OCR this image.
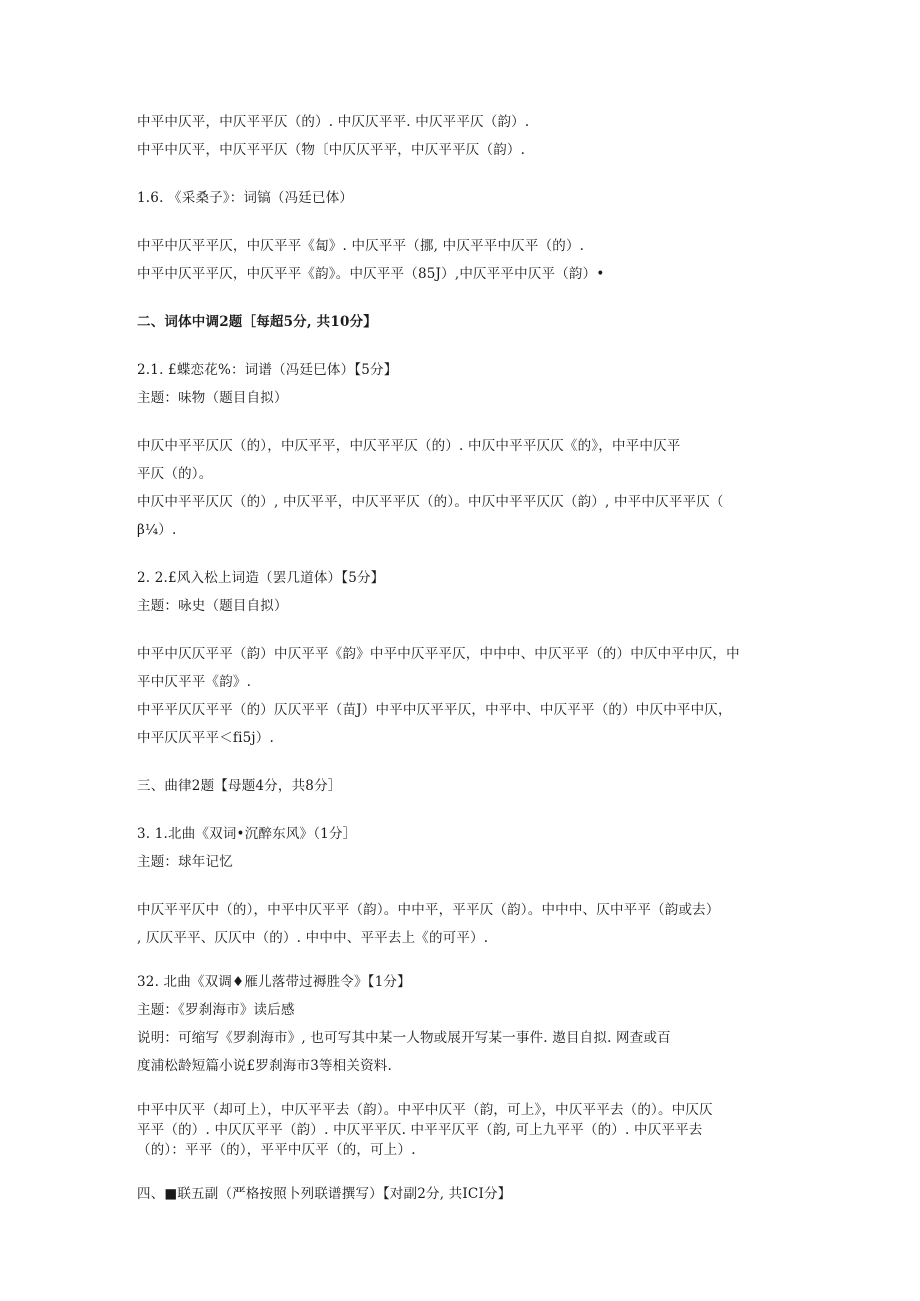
中平中仄平，中仄平平仄（的）. 中仄仄平平. 中仄平平仄（韵）.
中平中仄平，中仄平平仄（物〔中仄仄平平，中仄平平仄（韵）.
1.6. 《采桑子》：词镐（冯廷已体）
中平中仄平平仄，中仄平平《匐》. 中仄平平（挪, 中仄平平中仄平（的）.
中平中仄平平仄，中仄平平《韵》。中仄平平（85J）,中仄平平中仄平（韵）•
二、词体中调2题［每超5分, 共10分】
2.1. £蝶恋花%：词谱（冯廷巳体）【5分】
主题：味物（题目自拟）
中仄中平平仄仄（的），中仄平平，中仄平平仄（的）. 中仄中平平仄仄《的》，中平中仄平
平仄（的）。
中仄中平平仄仄（的）, 中仄平平，中仄平平仄（的）。中仄中平平仄仄（韵）, 中平中仄平平仄（
β¼）.
2. 2.£风入松上词造（罢几道体）【5分】
主题：咏史（题目自拟）
中平中仄仄平平（韵）中仄平平《韵》中平中仄平平仄，中中中、中仄平平（的）中仄中平中仄，中
平中仄平平《韵》.
中平平仄仄平平（的）仄仄平平（苗J）中平中仄平平仄，中平中、中仄平平（的）中仄中平中仄，
中平仄仄平平＜fi5j）.
三、曲律2题【母题4分，共8分］
3. 1.北曲《双词•沉醉东风》（1分］
主题：球年记忆
中仄平平仄中（的），中平中仄平平（韵）。中中平，平平仄（韵）。中中中、仄中平平（韵或去）
, 仄仄平平、仄仄中（的）. 中中中、平平去上《的可平）.
32. 北曲《双调♦雁儿落带过褥胜令》【1分】
主题：《罗刹海市》读后感
说明：可缩写《罗刹海市》, 也可写其中某一人物或展开写某一事件. 遨目自拟. 网查或百
度浦松龄短篇小说£罗刹海市3等相关资料.
中平中仄平（却可上），中仄平平去（韵）。中平中仄平（韵，可上》，中仄平平去（的）。中仄仄
平平（的）. 中仄仄平平（韵）. 中仄平平仄. 中平平仄平（韵, 可上九平平（的）. 中仄平平去
（的）：平平（的），平平中仄平（的，可上）.
四、■联五副（严格按照卜列联谱撰写）【对副2分, 共ICI分】
